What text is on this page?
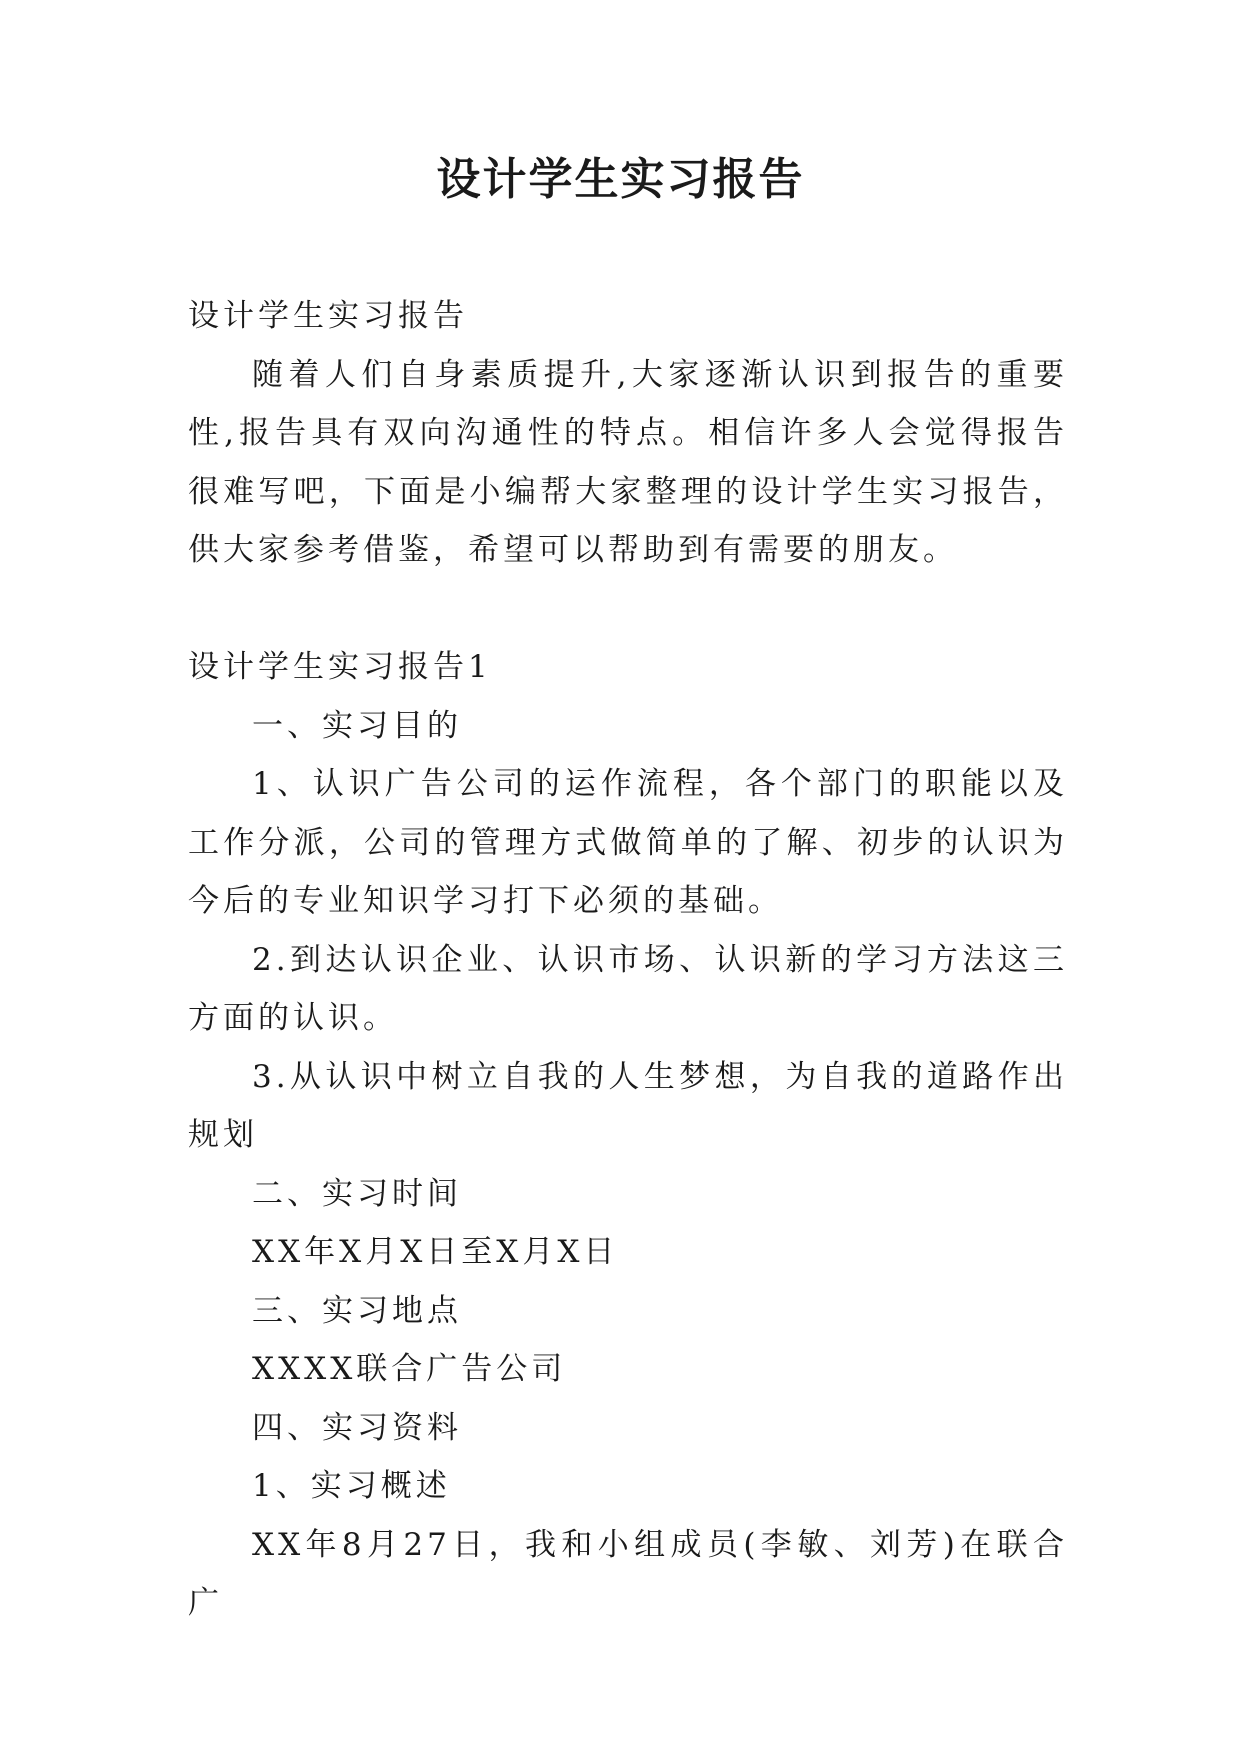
设计学生实习报告

设计学生实习报告

随着人们自身素质提升,大家逐渐认识到报告的重要性,报告具有双向沟通性的特点。相信许多人会觉得报告很难写吧，下面是小编帮大家整理的设计学生实习报告，供大家参考借鉴，希望可以帮助到有需要的朋友。

设计学生实习报告1

一、实习目的

1、认识广告公司的运作流程，各个部门的职能以及工作分派，公司的管理方式做简单的了解、初步的认识为今后的专业知识学习打下必须的基础。

2.到达认识企业、认识市场、认识新的学习方法这三方面的认识。

3.从认识中树立自我的人生梦想，为自我的道路作出规划

二、实习时间

XX年X月X日至X月X日

三、实习地点

XXXX联合广告公司

四、实习资料

1、实习概述

XX年8月27日，我和小组成员(李敏、刘芳)在联合广
